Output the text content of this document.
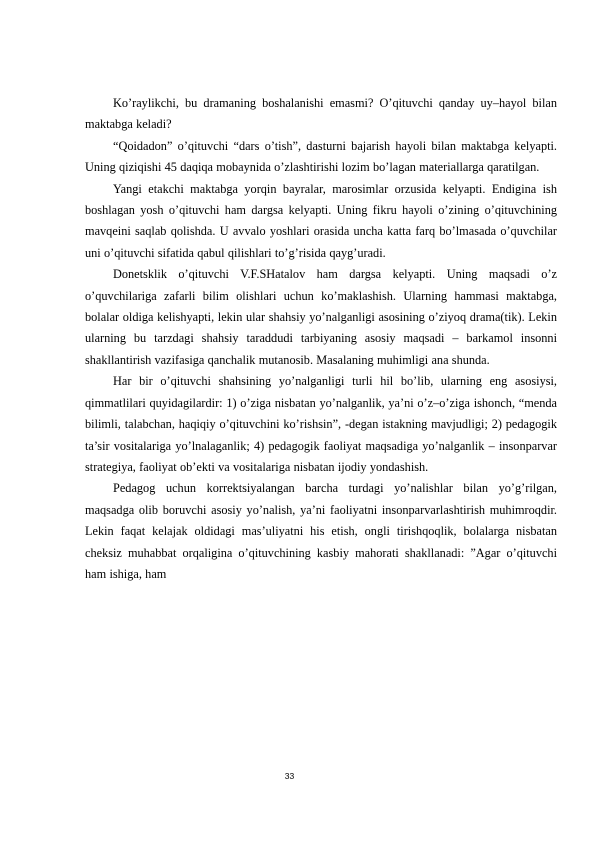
Ko’raylikchi, bu dramaning boshalanishi emasmi? O’qituvchi qanday uy–hayol bilan maktabga keladi?

“Qoidadon” o’qituvchi “dars o’tish”, dasturni bajarish hayoli bilan maktabga kelyapti. Uning qiziqishi 45 daqiqa mobaynida o’zlashtirishi lozim bo’lagan materiallarga qaratilgan.

Yangi etakchi maktabga yorqin bayralar, marosimlar orzusida kelyapti. Endigina ish boshlagan yosh o’qituvchi ham dargsa kelyapti. Uning fikru hayoli o’zining o’qituvchining mavqeini saqlab qolishda. U avvalo yoshlari orasida uncha katta farq bo’lmasada o’quvchilar uni o’qituvchi sifatida qabul qilishlari to’g’risida qayg’uradi.

Donetsklik o’qituvchi V.F.SHatalov ham dargsa kelyapti. Uning maqsadi o’z o’quvchilariga zafarli bilim olishlari uchun ko’maklashish. Ularning hammasi maktabga, bolalar oldiga kelishyapti, lekin ular shahsiy yo’nalganligi asosining o’ziyoq drama(tik). Lekin ularning bu tarzdagi shahsiy taraddudi tarbiyaning asosiy maqsadi – barkamol insonni shakllantirish vazifasiga qanchalik mutanosib. Masalaning muhimligi ana shunda.

Har bir o’qituvchi shahsining yo’nalganligi turli hil bo’lib, ularning eng asosiysi, qimmatlilari quyidagilardir: 1) o’ziga nisbatan yo’nalganlik, ya’ni o’z–o’ziga ishonch, “menda bilimli, talabchan, haqiqiy o’qituvchini ko’rishsin”, -degan istakning mavjudligi; 2) pedagogik ta’sir vositalariga yo’lnalaganlik; 4) pedagogik faoliyat maqsadiga yo’nalganlik – insonparvar strategiya, faoliyat ob’ekti va vositalariga nisbatan ijodiy yondashish.

Pedagog uchun korrektsiyalangan barcha turdagi yo’nalishlar bilan yo’g’rilgan, maqsadga olib boruvchi asosiy yo’nalish, ya’ni faoliyatni insonparvarlashtirish muhimroqdir. Lekin faqat kelajak oldidagi mas’uliyatni his etish, ongli tirishqoqlik, bolalarga nisbatan cheksiz muhabbat orqaligina o’qituvchining kasbiy mahorati shakllanadi: ”Agar o’qituvchi ham ishiga, ham

33
